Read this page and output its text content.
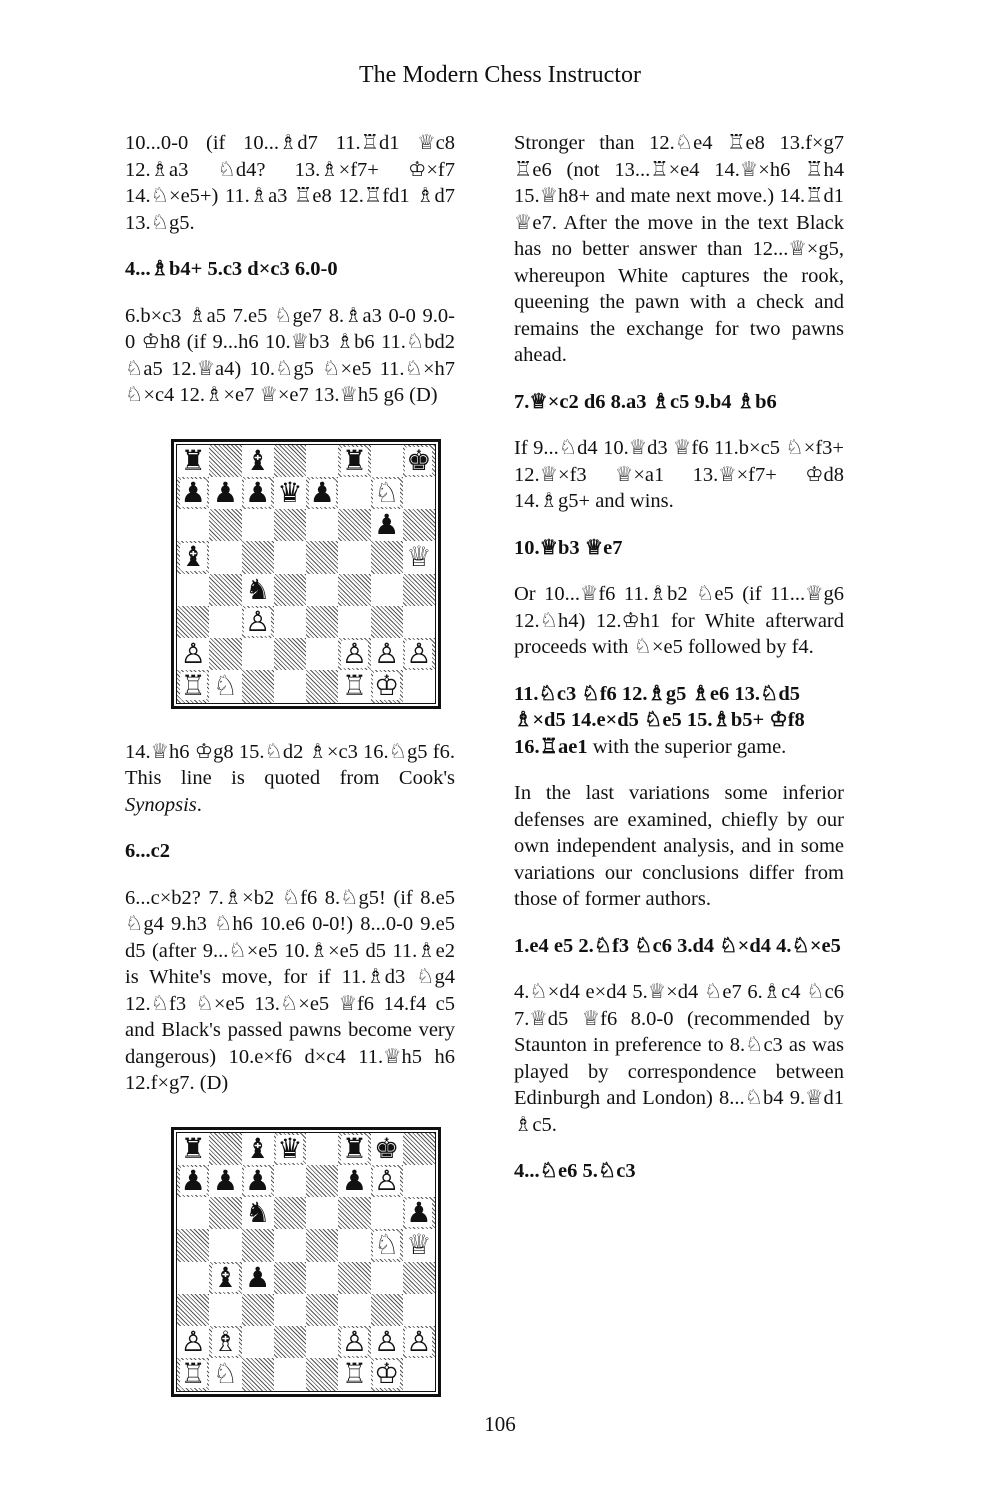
The Modern Chess Instructor

10...0-0 (if 10...♗d7 11.♖d1 ♕c8 12.♗a3 ♘d4? 13.♗×f7+ ♔×f7 14.♘×e5+) 11.♗a3 ♖e8 12.♖fd1 ♗d7 13.♘g5.

4...♗b4+ 5.c3 d×c3 6.0-0

6.b×c3 ♗a5 7.e5 ♘ge7 8.♗a3 0-0 9.0-0 ♔h8 (if 9...h6 10.♕b3 ♗b6 11.♘bd2 ♘a5 12.♕a4) 10.♘g5 ♘×e5 11.♘×h7 ♘×c4 12.♗×e7 ♕×e7 13.♕h5 g6 (D)

♜ ♝	♜ ♚
♟ ♟ ♟ ♛ ♟ ♘
♟
♝	♕
♞
♙
♙	♙ ♙ ♙
♖ ♘	♖ ♔

14.♕h6 ♔g8 15.♘d2 ♗×c3 16.♘g5 f6. This line is quoted from Cook's Synopsis.

6...c2

6...c×b2? 7.♗×b2 ♘f6 8.♘g5! (if 8.e5 ♘g4 9.h3 ♘h6 10.e6 0-0!) 8...0-0 9.e5 d5 (after 9...♘×e5 10.♗×e5 d5 11.♗e2 is White's move, for if 11.♗d3 ♘g4 12.♘f3 ♘×e5 13.♘×e5 ♕f6 14.f4 c5 and Black's passed pawns become very dangerous) 10.e×f6 d×c4 11.♕h5 h6 12.f×g7. (D)

♜ ♝ ♛ ♜ ♚
♟ ♟ ♟	♟ ♙
♞	♟
♘ ♕
♝ ♟
♙ ♗	♙ ♙ ♙
♖ ♘	♖ ♔

Stronger than 12.♘e4 ♖e8 13.f×g7 ♖e6 (not 13...♖×e4 14.♕×h6 ♖h4 15.♕h8+ and mate next move.) 14.♖d1 ♕e7. After the move in the text Black has no better answer than 12...♕×g5, whereupon White captures the rook, queening the pawn with a check and remains the exchange for two pawns ahead.

7.♕×c2 d6 8.a3 ♗c5 9.b4 ♗b6

If 9...♘d4 10.♕d3 ♕f6 11.b×c5 ♘×f3+ 12.♕×f3 ♕×a1 13.♕×f7+ ♔d8 14.♗g5+ and wins.

10.♕b3 ♕e7

Or 10...♕f6 11.♗b2 ♘e5 (if 11...♕g6 12.♘h4) 12.♔h1 for White afterward proceeds with ♘×e5 followed by f4.

11.♘c3 ♘f6 12.♗g5 ♗e6 13.♘d5 ♗×d5 14.e×d5 ♘e5 15.♗b5+ ♔f8 16.♖ae1 with the superior game.

In the last variations some inferior defenses are examined, chiefly by our own independent analysis, and in some variations our conclusions differ from those of former authors.

1.e4 e5 2.♘f3 ♘c6 3.d4 ♘×d4 4.♘×e5

4.♘×d4 e×d4 5.♕×d4 ♘e7 6.♗c4 ♘c6 7.♕d5 ♕f6 8.0-0 (recommended by Staunton in preference to 8.♘c3 as was played by correspondence between Edinburgh and London) 8...♘b4 9.♕d1 ♗c5.

4...♘e6 5.♘c3

106
